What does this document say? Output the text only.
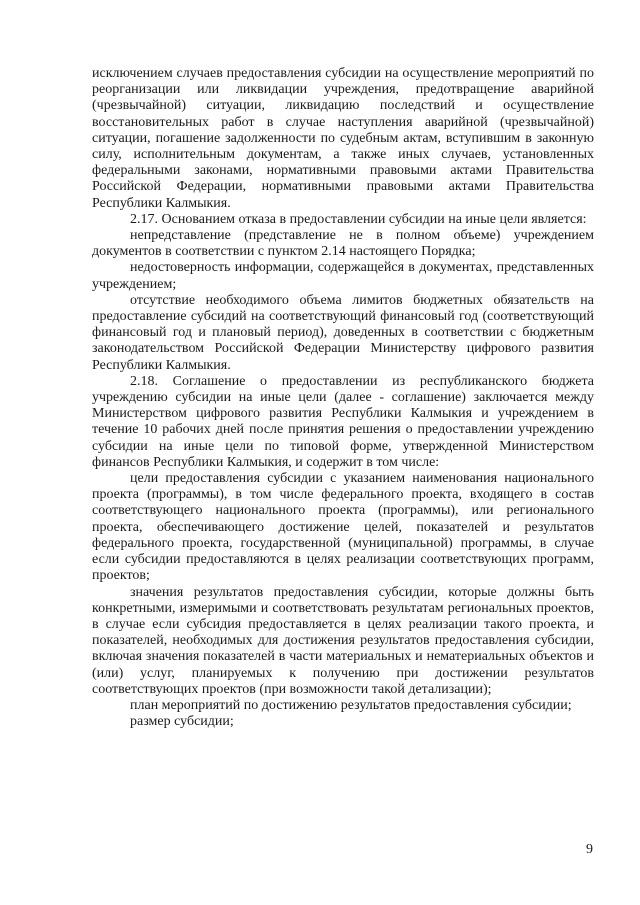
исключением случаев предоставления субсидии на осуществление мероприятий по реорганизации или ликвидации учреждения, предотвращение аварийной (чрезвычайной) ситуации, ликвидацию последствий и осуществление восстановительных работ в случае наступления аварийной (чрезвычайной) ситуации, погашение задолженности по судебным актам, вступившим в законную силу, исполнительным документам, а также иных случаев, установленных федеральными законами, нормативными правовыми актами Правительства Российской Федерации, нормативными правовыми актами Правительства Республики Калмыкия.

2.17. Основанием отказа в предоставлении субсидии на иные цели является:

непредставление (представление не в полном объеме) учреждением документов в соответствии с пунктом 2.14 настоящего Порядка;

недостоверность информации, содержащейся в документах, представленных учреждением;

отсутствие необходимого объема лимитов бюджетных обязательств на предоставление субсидий на соответствующий финансовый год (соответствующий финансовый год и плановый период), доведенных в соответствии с бюджетным законодательством Российской Федерации Министерству цифрового развития Республики Калмыкия.

2.18. Соглашение о предоставлении из республиканского бюджета учреждению субсидии на иные цели (далее - соглашение) заключается между Министерством цифрового развития Республики Калмыкия и учреждением в течение 10 рабочих дней после принятия решения о предоставлении учреждению субсидии на иные цели по типовой форме, утвержденной Министерством финансов Республики Калмыкия, и содержит в том числе:

цели предоставления субсидии с указанием наименования национального проекта (программы), в том числе федерального проекта, входящего в состав соответствующего национального проекта (программы), или регионального проекта, обеспечивающего достижение целей, показателей и результатов федерального проекта, государственной (муниципальной) программы, в случае если субсидии предоставляются в целях реализации соответствующих программ, проектов;

значения результатов предоставления субсидии, которые должны быть конкретными, измеримыми и соответствовать результатам региональных проектов, в случае если субсидия предоставляется в целях реализации такого проекта, и показателей, необходимых для достижения результатов предоставления субсидии, включая значения показателей в части материальных и нематериальных объектов и (или) услуг, планируемых к получению при достижении результатов соответствующих проектов (при возможности такой детализации);

план мероприятий по достижению результатов предоставления субсидии;

размер субсидии;

9
